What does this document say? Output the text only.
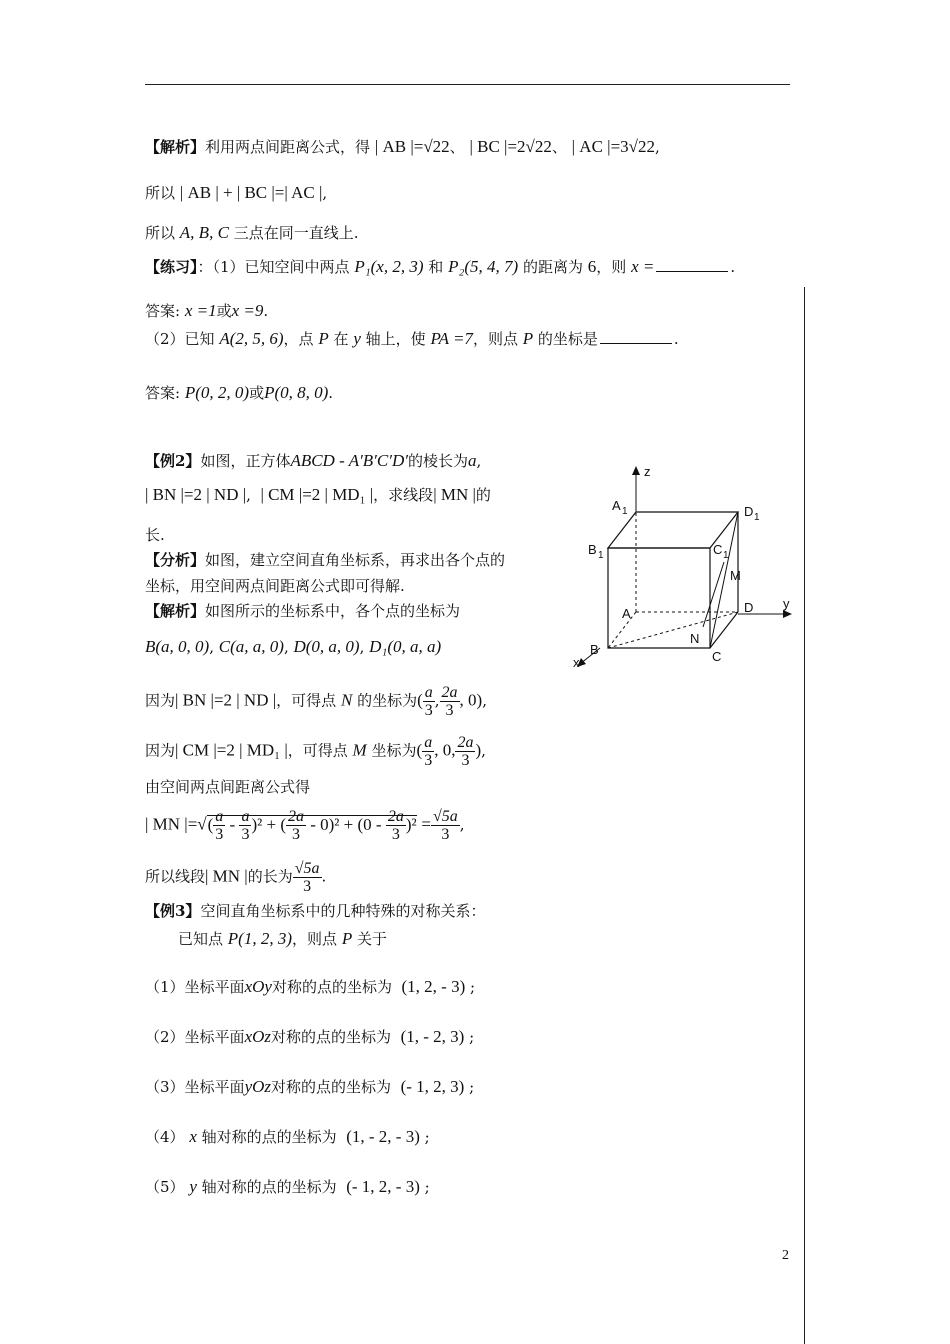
【解析】利用两点间距离公式，得 | AB |=√22、 | BC |=2√22、 | AC |=3√22,
所以 | AB | + | BC |=| AC |,
所以 A, B, C 三点在同一直线上.
【练习】：（1）已知空间中两点 P₁(x, 2, 3) 和 P₂(5, 4, 7) 的距离为 6，则 x =	.
答案: x =1或x =9.
（2）已知 A(2, 5, 6)，点 P 在 y 轴上，使 PA =7，则点 P 的坐标是	.
答案: P(0, 2, 0)或P(0, 8, 0).
【例2】如图，正方体ABCD - A′B′C′D′的棱长为a,
| BN |=2 | ND |,  | CM |=2 | MD₁ |，求线段| MN |的
长.
【分析】如图，建立空间直角坐标系，再求出各个点的
坐标，用空间两点间距离公式即可得解.
【解析】如图所示的坐标系中，各个点的坐标为
B(a, 0, 0), C(a, a, 0), D(0, a, 0), D₁(0, a, a)
因为| BN |=2 | ND |，可得点 N 的坐标为( $\frac{a}{3}$ , $\frac{2a}{3}$ , 0),
因为| CM |=2 | MD₁ |，可得点 M 坐标为( $\frac{a}{3}$ , 0, $\frac{2a}{3}$ ),
由空间两点间距离公式得
| MN |=√( $\frac{a}{3} - \frac{a}{3} )^2$ + ( $\frac{2a}{3} - 0)^2 + (0 - \frac{2a}{3} )^2 = \frac{√5a}{3}$ ,
所以线段| MN |的长为 $\frac{√5a}{3}$ .
【例3】空间直角坐标系中的几种特殊的对称关系：
已知点 P(1, 2, 3)，则点 P 关于
（1）坐标平面xOy对称的点的坐标为 (1, 2, - 3) ;
（2）坐标平面xOz对称的点的坐标为 (1, - 2, 3) ;
（3）坐标平面yOz对称的点的坐标为 (- 1, 2, 3) ;
（4） x 轴对称的点的坐标为 (1, - 2, - 3) ;
（5） y 轴对称的点的坐标为 (- 1, 2, - 3) ;
z
y
x
A 1	D 1
B 1	C 1
M
A	D
B
N
C
2
